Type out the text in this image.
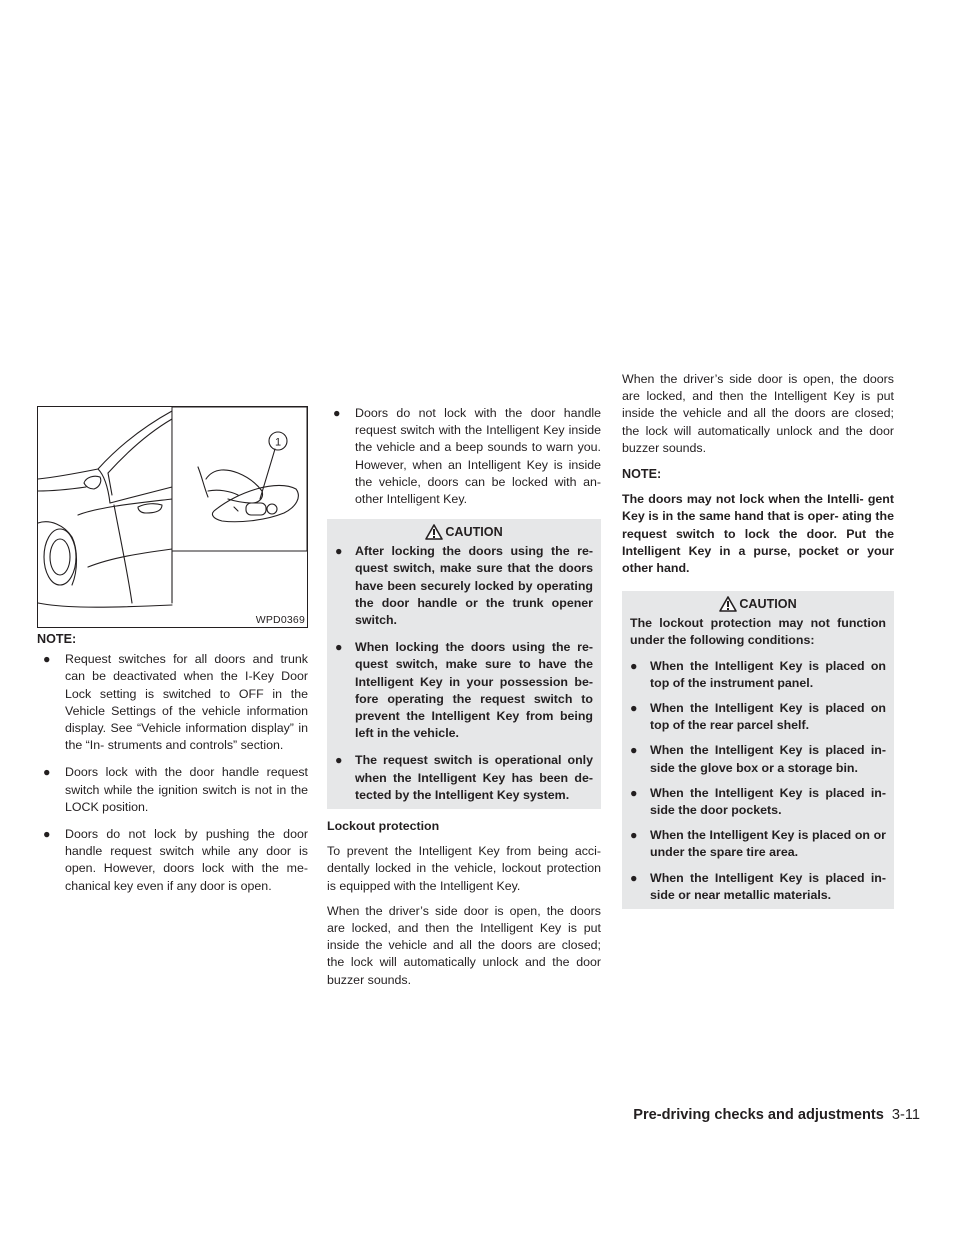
1
WPD0369
NOTE:
● Request switches for all doors and trunk can be deactivated when the I-Key Door Lock setting is switched to OFF in the Vehicle Settings of the vehicle information display. See “Vehicle information display” in the “In- struments and controls” section.
● Doors lock with the door handle request switch while the ignition switch is not in the LOCK position.
● Doors do not lock by pushing the door handle request switch while any door is open. However, doors lock with the me- chanical key even if any door is open.
● Doors do not lock with the door handle request switch with the Intelligent Key inside the vehicle and a beep sounds to warn you. However, when an Intelligent Key is inside the vehicle, doors can be locked with an- other Intelligent Key.
CAUTION
● After locking the doors using the re- quest switch, make sure that the doors have been securely locked by operating the door handle or the trunk opener switch.
● When locking the doors using the re- quest switch, make sure to have the Intelligent Key in your possession be- fore operating the request switch to prevent the Intelligent Key from being left in the vehicle.
● The request switch is operational only when the Intelligent Key has been de- tected by the Intelligent Key system.
Lockout protection

To prevent the Intelligent Key from being acci- dentally locked in the vehicle, lockout protection is equipped with the Intelligent Key.

When the driver’s side door is open, the doors are locked, and then the Intelligent Key is put inside the vehicle and all the doors are closed; the lock will automatically unlock and the door buzzer sounds.

When the driver’s side door is open, the doors are locked, and then the Intelligent Key is put inside the vehicle and all the doors are closed; the lock will automatically unlock and the door buzzer sounds.

NOTE:

The doors may not lock when the Intelli- gent Key is in the same hand that is oper- ating the request switch to lock the door. Put the Intelligent Key in a purse, pocket or your other hand.

CAUTION

The lockout protection may not function under the following conditions:

● When the Intelligent Key is placed on top of the instrument panel.
● When the Intelligent Key is placed on top of the rear parcel shelf.
● When the Intelligent Key is placed in- side the glove box or a storage bin.
● When the Intelligent Key is placed in- side the door pockets.
● When the Intelligent Key is placed on or under the spare tire area.
● When the Intelligent Key is placed in- side or near metallic materials.
Pre-driving checks and adjustments 3-11
